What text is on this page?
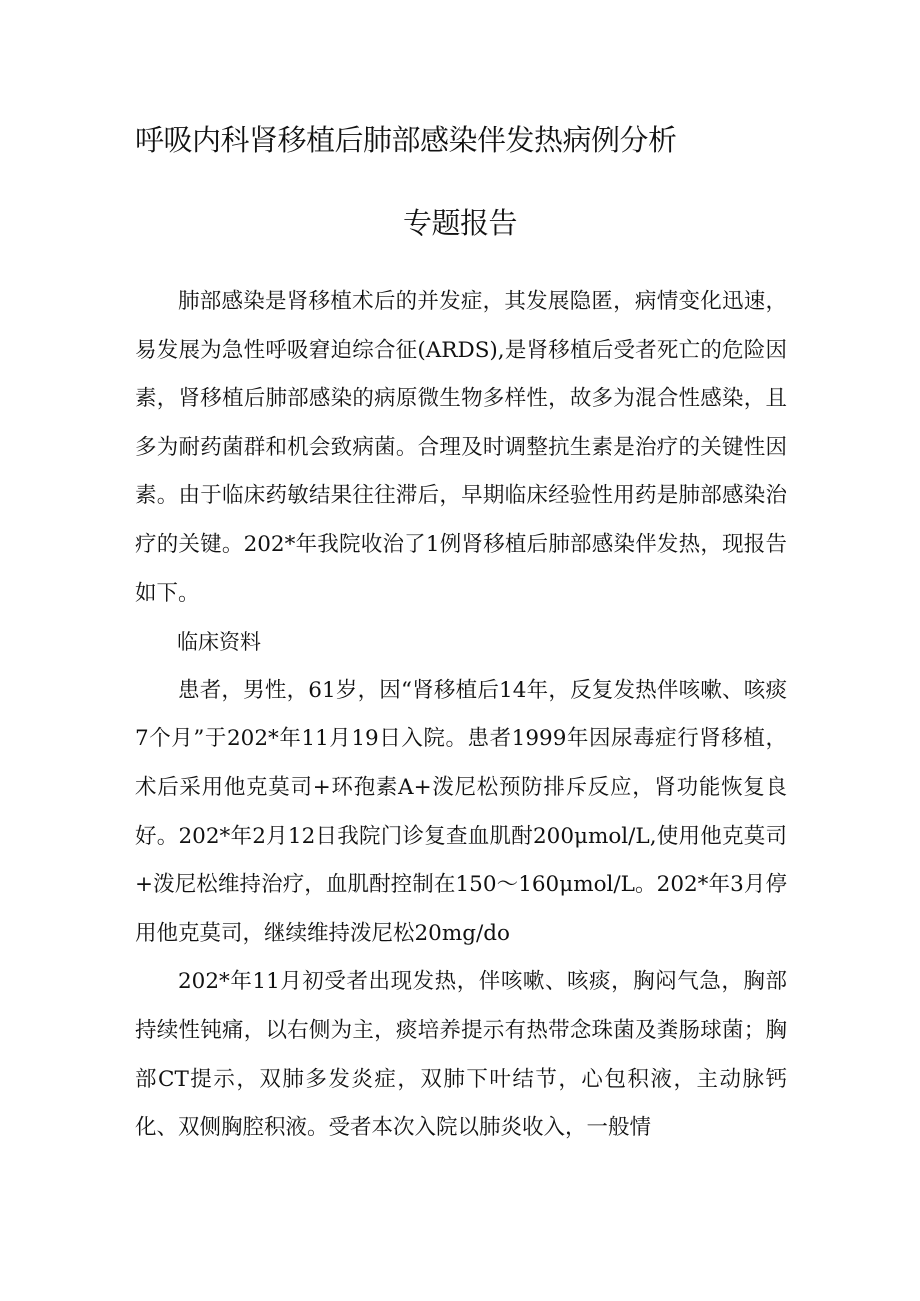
呼吸内科肾移植后肺部感染伴发热病例分析
专题报告

肺部感染是肾移植术后的并发症，其发展隐匿，病情变化迅速，易发展为急性呼吸窘迫综合征(ARDS),是肾移植后受者死亡的危险因素，肾移植后肺部感染的病原微生物多样性，故多为混合性感染，且多为耐药菌群和机会致病菌。合理及时调整抗生素是治疗的关键性因素。由于临床药敏结果往往滞后，早期临床经验性用药是肺部感染治疗的关键。202*年我院收治了1例肾移植后肺部感染伴发热，现报告如下。

临床资料

患者，男性，61岁，因“肾移植后14年，反复发热伴咳嗽、咳痰7个月”于202*年11月19日入院。患者1999年因尿毒症行肾移植，术后采用他克莫司+环孢素A+泼尼松预防排斥反应，肾功能恢复良好。202*年2月12日我院门诊复查血肌酎200μmol/L,使用他克莫司+泼尼松维持治疗，血肌酎控制在150～160μmol/L。202*年3月停用他克莫司，继续维持泼尼松20mg/do

202*年11月初受者出现发热，伴咳嗽、咳痰，胸闷气急，胸部持续性钝痛，以右侧为主，痰培养提示有热带念珠菌及粪肠球菌；胸部CT提示，双肺多发炎症，双肺下叶结节，心包积液，主动脉钙化、双侧胸腔积液。受者本次入院以肺炎收入，一般情
